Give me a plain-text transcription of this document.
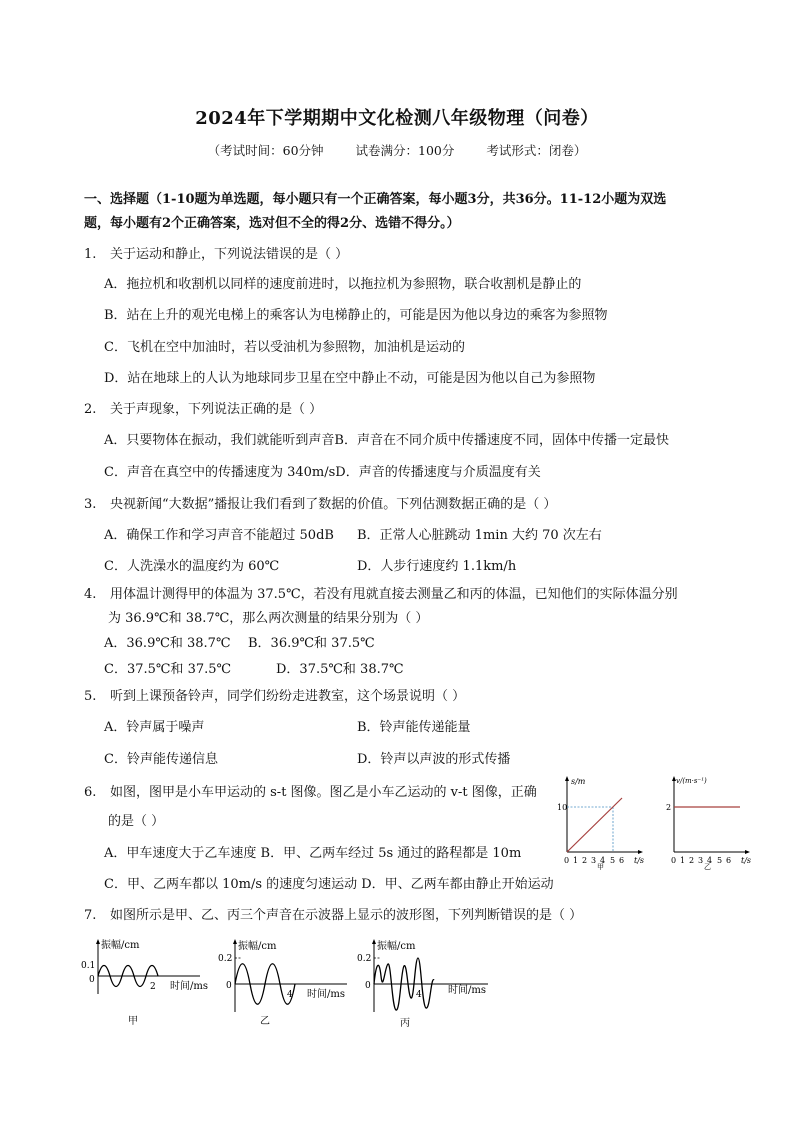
2024年下学期期中文化检测八年级物理（问卷）
（考试时间：60分钟	试卷满分：100分	考试形式：闭卷）
一、选择题（1-10题为单选题，每小题只有一个正确答案，每小题3分，共36分。11-12小题为双选
题，每小题有2个正确答案，选对但不全的得2分、选错不得分。）
1. 关于运动和静止，下列说法错误的是（ ）
A．拖拉机和收割机以同样的速度前进时，以拖拉机为参照物，联合收割机是静止的
B．站在上升的观光电梯上的乘客认为电梯静止的，可能是因为他以身边的乘客为参照物
C．飞机在空中加油时，若以受油机为参照物，加油机是运动的
D．站在地球上的人认为地球同步卫星在空中静止不动，可能是因为他以自己为参照物
2. 关于声现象，下列说法正确的是（ ）
A．只要物体在振动，我们就能听到声音B．声音在不同介质中传播速度不同，固体中传播一定最快
C．声音在真空中的传播速度为 340m/sD．声音的传播速度与介质温度有关
3. 央视新闻“大数据”播报让我们看到了数据的价值。下列估测数据正确的是（ ）
A．确保工作和学习声音不能超过 50dB B．正常人心脏跳动 1min 大约 70 次左右
C．人洗澡水的温度约为 60℃	D．人步行速度约 1.1km/h
4. 用体温计测得甲的体温为 37.5℃，若没有甩就直接去测量乙和丙的体温，已知他们的实际体温分别
为 36.9℃和 38.7℃，那么两次测量的结果分别为（ ）
A．36.9℃和 38.7℃ B．36.9℃和 37.5℃
C．37.5℃和 37.5℃	D．37.5℃和 38.7℃
5. 听到上课预备铃声，同学们纷纷走进教室，这个场景说明（ ）
A．铃声属于噪声	B．铃声能传递能量
C．铃声能传递信息	D．铃声以声波的形式传播
6. 如图，图甲是小车甲运动的 s-t 图像。图乙是小车乙运动的 v-t 图像，正确
的是（ ）
A．甲车速度大于乙车速度 B．甲、乙两车经过 5s 通过的路程都是 10m
C．甲、乙两车都以 10m/s 的速度匀速运动 D．甲、乙两车都由静止开始运动
s/m
t/s
10
0 1 2 3 4 5 6
甲
v/(m·s⁻¹)
t/s
2
0 1 2 3 4 5 6
乙
7. 如图所示是甲、乙、丙三个声音在示波器上显示的波形图，下列判断错误的是（ ）
振幅/cm
0.1
0
2 时间/ms
甲
振幅/cm
0.2
0
4 时间/ms
乙
振幅/cm
0.2
0
4	时间/ms
丙
